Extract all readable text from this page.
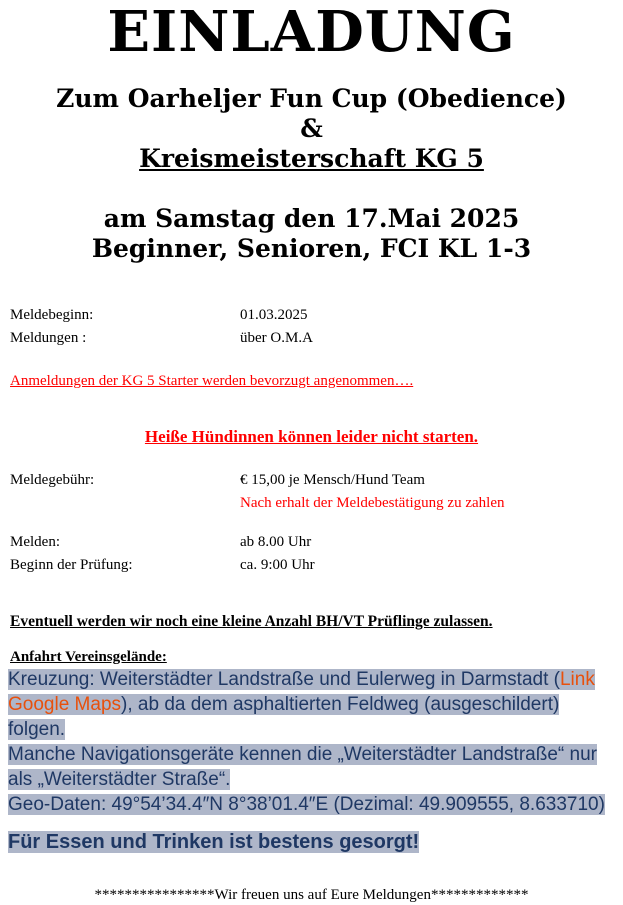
EINLADUNG
Zum Oarheljer Fun Cup (Obedience)
&
Kreismeisterschaft KG 5
am Samstag den 17.Mai 2025
Beginner, Senioren, FCI KL 1-3
Meldebeginn:	01.03.2025
Meldungen :	über O.M.A
Anmeldungen der KG 5 Starter werden bevorzugt angenommen….
Heiße Hündinnen können leider nicht starten.
Meldegebühr:	€ 15,00 je Mensch/Hund Team
Nach erhalt der Meldebestätigung zu zahlen
Melden:	ab 8.00 Uhr
Beginn der Prüfung:	ca. 9:00 Uhr
Eventuell werden wir noch eine kleine Anzahl BH/VT Prüflinge zulassen.
Anfahrt Vereinsgelände:
Kreuzung: Weiterstädter Landstraße und Eulerweg in Darmstadt (Link
Google Maps), ab da dem asphaltierten Feldweg (ausgeschildert) folgen.
Manche Navigationsgeräte kennen die „Weiterstädter Landstraße“ nur
als „Weiterstädter Straße“.
Geo-Daten: 49°54’34.4″N 8°38’01.4″E (Dezimal: 49.909555, 8.633710)
Für Essen und Trinken ist bestens gesorgt!
****************Wir freuen uns auf Eure Meldungen*************
